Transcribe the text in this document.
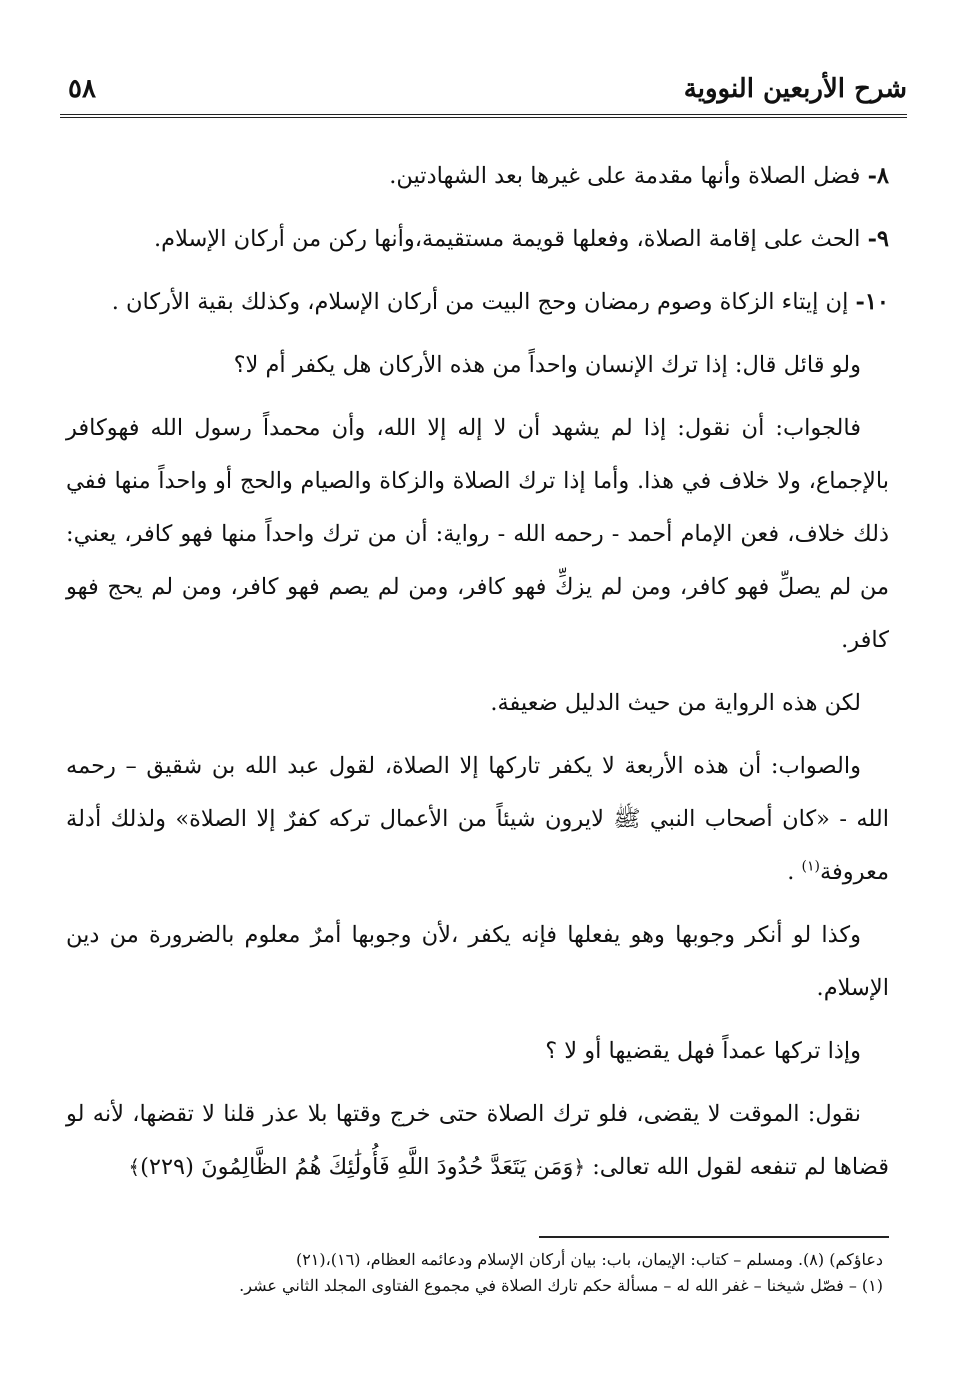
شرح الأربعين النووية
٥٨

٨- فضل الصلاة وأنها مقدمة على غيرها بعد الشهادتين.

٩- الحث على إقامة الصلاة، وفعلها قويمة مستقيمة،وأنها ركن من أركان الإسلام.

١٠- إن إيتاء الزكاة وصوم رمضان وحج البيت من أركان الإسلام، وكذلك بقية الأركان .

ولو قائل قال: إذا ترك الإنسان واحداً من هذه الأركان هل يكفر أم لا؟

فالجواب: أن نقول: إذا لم يشهد أن لا إله إلا الله، وأن محمداً رسول الله فهوكافر بالإجماع، ولا خلاف في هذا. وأما إذا ترك الصلاة والزكاة والصيام والحج أو واحداً منها ففي ذلك خلاف، فعن الإمام أحمد - رحمه الله - رواية: أن من ترك واحداً منها فهو كافر، يعني: من لم يصلِّ فهو كافر، ومن لم يزكِّ فهو كافر، ومن لم يصم فهو كافر، ومن لم يحج فهو كافر.

لكن هذه الرواية من حيث الدليل ضعيفة.

والصواب: أن هذه الأربعة لا يكفر تاركها إلا الصلاة، لقول عبد الله بن شقيق – رحمه الله - «كان أصحاب النبي ﷺ لايرون شيئاً من الأعمال تركه كفرٌ إلا الصلاة» ولذلك أدلة معروفة$^{(١)}$ .

وكذا لو أنكر وجوبها وهو يفعلها فإنه يكفر ،لأن وجوبها أمرٌ معلوم بالضرورة من دين الإسلام.

وإذا تركها عمداً فهل يقضيها أو لا ؟

نقول: الموقت لا يقضى، فلو ترك الصلاة حتى خرج وقتها بلا عذر قلنا لا تقضها، لأنه لو قضاها لم تنفعه لقول الله تعالى: ﴿وَمَن يَتَعَدَّ حُدُودَ اللَّهِ فَأُولَٰئِكَ هُمُ الظَّالِمُونَ (٢٢٩)﴾

دعاؤكم) (٨). ومسلم – كتاب: الإيمان، باب: بيان أركان الإسلام ودعائمه العظام، (١٦)،(٢١)

(١) – فصّل شيخنا – غفر الله له – مسألة حكم تارك الصلاة في مجموع الفتاوى المجلد الثاني عشر.
